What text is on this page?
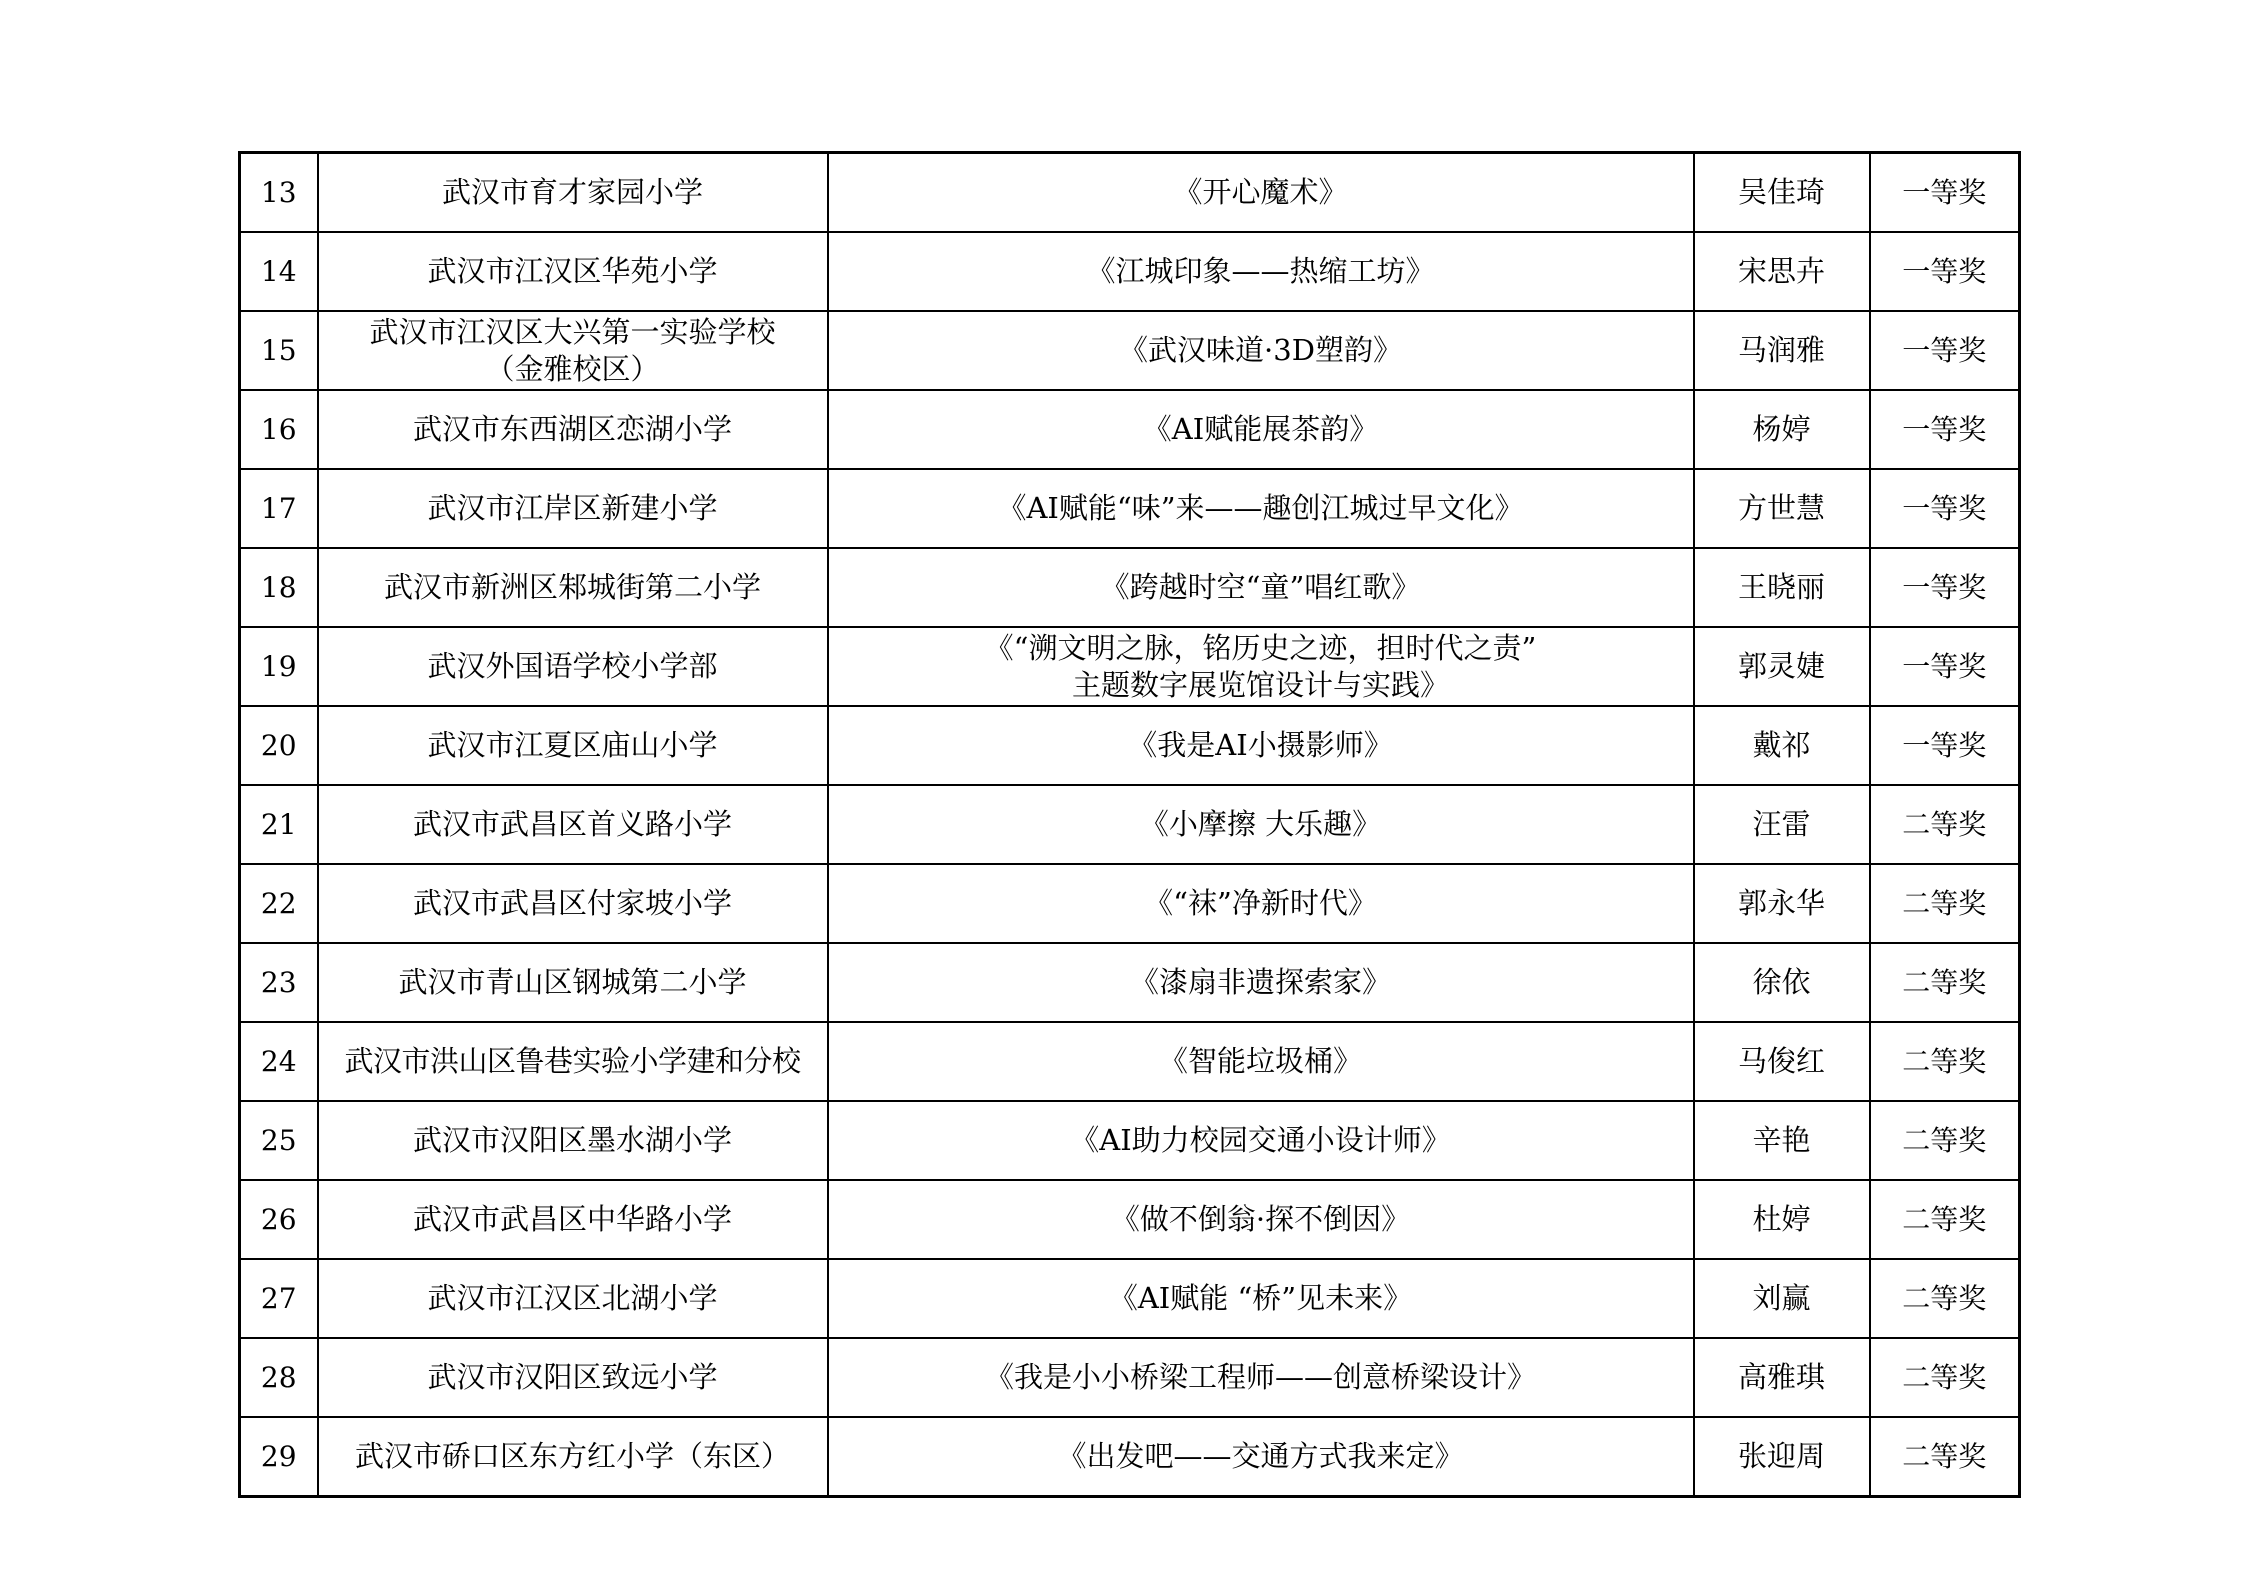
13	武汉市育才家园小学	《开心魔术》	吴佳琦	一等奖
14	武汉市江汉区华苑小学	《江城印象——热缩工坊》	宋思卉	一等奖
15	武汉市江汉区大兴第一实验学校
（金雅校区）	《武汉味道·3D塑韵》	马润雅	一等奖
16	武汉市东西湖区恋湖小学	《AI赋能展茶韵》	杨婷	一等奖
17	武汉市江岸区新建小学	《AI赋能“味”来——趣创江城过早文化》	方世慧	一等奖
18	武汉市新洲区邾城街第二小学	《跨越时空“童”唱红歌》	王晓丽	一等奖
19	武汉外国语学校小学部	《“溯文明之脉，铭历史之迹，担时代之责”
主题数字展览馆设计与实践》	郭灵婕	一等奖
20	武汉市江夏区庙山小学	《我是AI小摄影师》	戴祁	一等奖
21	武汉市武昌区首义路小学	《小摩擦 大乐趣》	汪雷	二等奖
22	武汉市武昌区付家坡小学	《“袜”净新时代》	郭永华	二等奖
23	武汉市青山区钢城第二小学	《漆扇非遗探索家》	徐依	二等奖
24	武汉市洪山区鲁巷实验小学建和分校	《智能垃圾桶》	马俊红	二等奖
25	武汉市汉阳区墨水湖小学	《AI助力校园交通小设计师》	辛艳	二等奖
26	武汉市武昌区中华路小学	《做不倒翁·探不倒因》	杜婷	二等奖
27	武汉市江汉区北湖小学	《AI赋能 “桥”见未来》	刘赢	二等奖
28	武汉市汉阳区致远小学	《我是小小桥梁工程师——创意桥梁设计》	高雅琪	二等奖
29	武汉市硚口区东方红小学（东区）	《出发吧——交通方式我来定》	张迎周	二等奖
